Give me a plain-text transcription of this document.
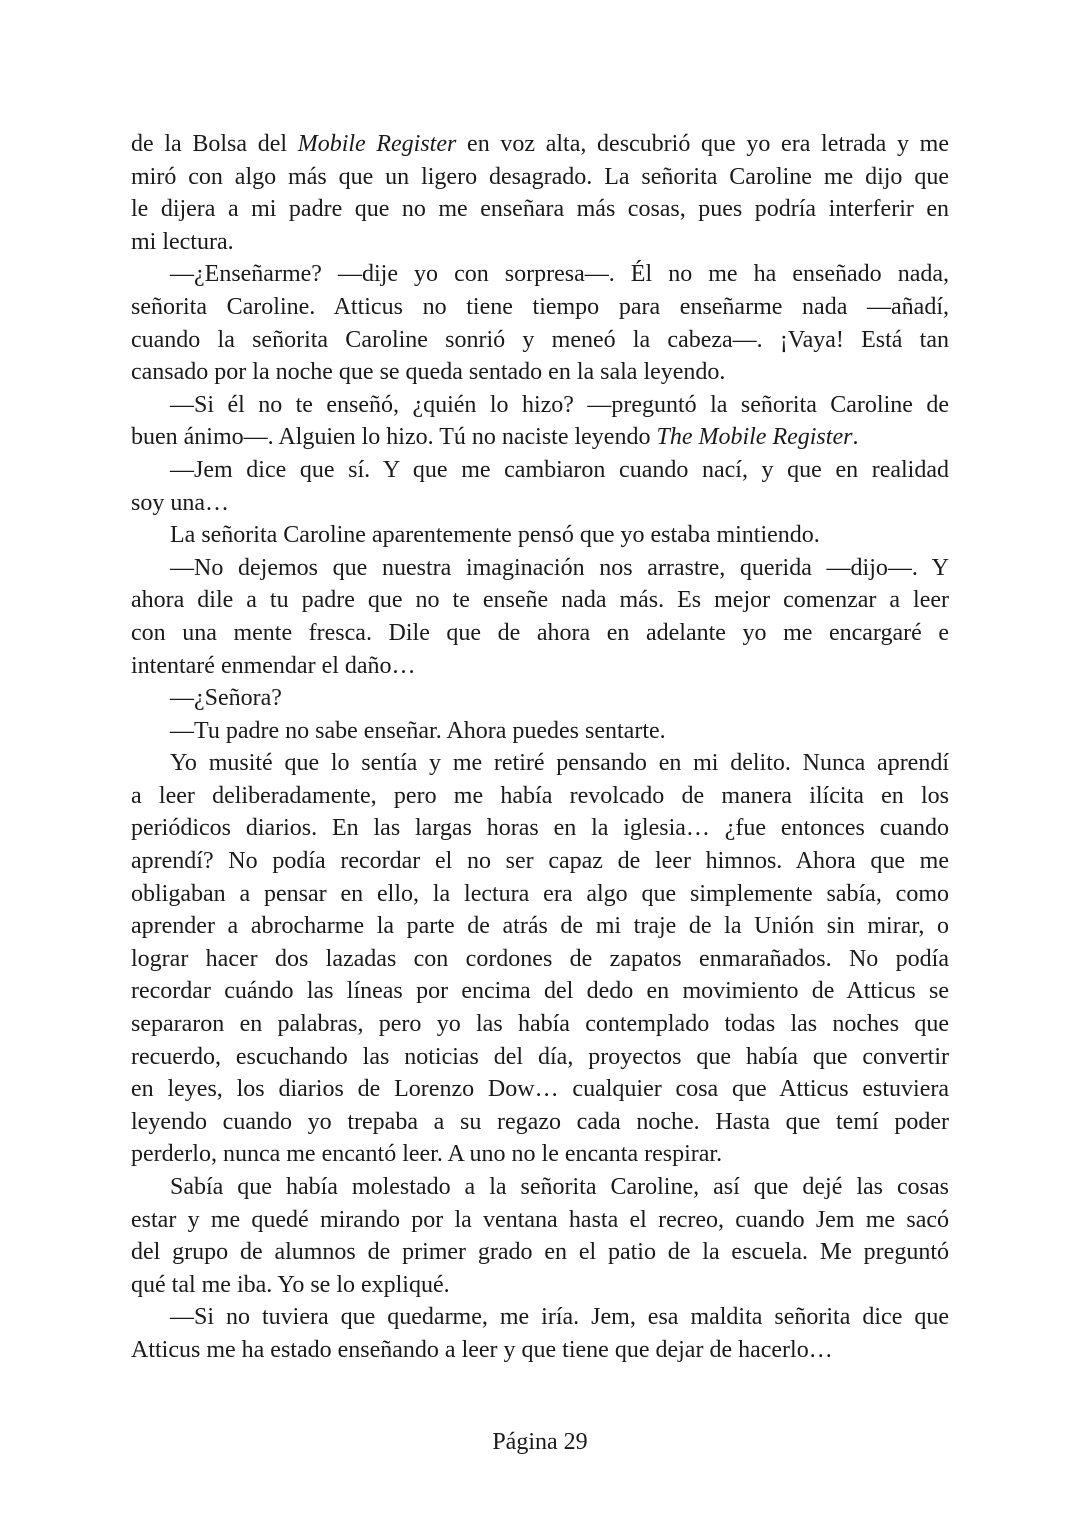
de la Bolsa del Mobile Register en voz alta, descubrió que yo era letrada y me
miró con algo más que un ligero desagrado. La señorita Caroline me dijo que
le dijera a mi padre que no me enseñara más cosas, pues podría interferir en
mi lectura.
—¿Enseñarme? —dije yo con sorpresa—. Él no me ha enseñado nada,
señorita Caroline. Atticus no tiene tiempo para enseñarme nada —añadí,
cuando la señorita Caroline sonrió y meneó la cabeza—. ¡Vaya! Está tan
cansado por la noche que se queda sentado en la sala leyendo.
—Si él no te enseñó, ¿quién lo hizo? —preguntó la señorita Caroline de
buen ánimo—. Alguien lo hizo. Tú no naciste leyendo The Mobile Register.
—Jem dice que sí. Y que me cambiaron cuando nací, y que en realidad
soy una…
La señorita Caroline aparentemente pensó que yo estaba mintiendo.
—No dejemos que nuestra imaginación nos arrastre, querida —dijo—. Y
ahora dile a tu padre que no te enseñe nada más. Es mejor comenzar a leer
con una mente fresca. Dile que de ahora en adelante yo me encargaré e
intentaré enmendar el daño…
—¿Señora?
—Tu padre no sabe enseñar. Ahora puedes sentarte.
Yo musité que lo sentía y me retiré pensando en mi delito. Nunca aprendí
a leer deliberadamente, pero me había revolcado de manera ilícita en los
periódicos diarios. En las largas horas en la iglesia… ¿fue entonces cuando
aprendí? No podía recordar el no ser capaz de leer himnos. Ahora que me
obligaban a pensar en ello, la lectura era algo que simplemente sabía, como
aprender a abrocharme la parte de atrás de mi traje de la Unión sin mirar, o
lograr hacer dos lazadas con cordones de zapatos enmarañados. No podía
recordar cuándo las líneas por encima del dedo en movimiento de Atticus se
separaron en palabras, pero yo las había contemplado todas las noches que
recuerdo, escuchando las noticias del día, proyectos que había que convertir
en leyes, los diarios de Lorenzo Dow… cualquier cosa que Atticus estuviera
leyendo cuando yo trepaba a su regazo cada noche. Hasta que temí poder
perderlo, nunca me encantó leer. A uno no le encanta respirar.
Sabía que había molestado a la señorita Caroline, así que dejé las cosas
estar y me quedé mirando por la ventana hasta el recreo, cuando Jem me sacó
del grupo de alumnos de primer grado en el patio de la escuela. Me preguntó
qué tal me iba. Yo se lo expliqué.
—Si no tuviera que quedarme, me iría. Jem, esa maldita señorita dice que
Atticus me ha estado enseñando a leer y que tiene que dejar de hacerlo…
Página 29
